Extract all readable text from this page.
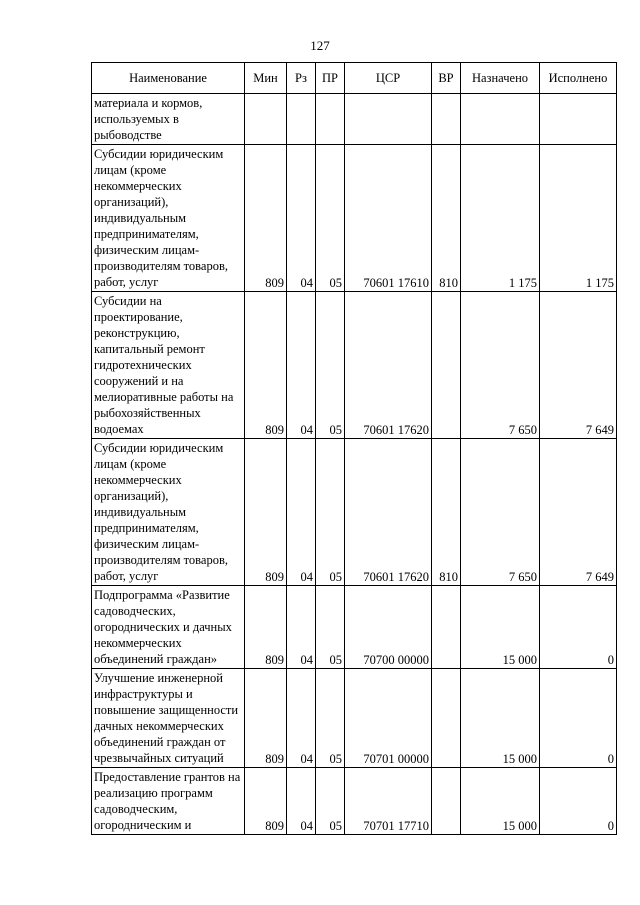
127
Наименование	Мин	Рз	ПР	ЦСР	ВР	Назначено	Исполнено
материала и кормов, используемых в рыбоводстве							
Субсидии юридическим лицам (кроме некоммерческих организаций), индивидуальным предпринимателям, физическим лицам-производителям товаров, работ, услуг	809	04	05	70601 17610	810	1 175	1 175
Субсидии на проектирование, реконструкцию, капитальный ремонт гидротехнических сооружений и на мелиоративные работы на рыбохозяйственных водоемах	809	04	05	70601 17620		7 650	7 649
Субсидии юридическим лицам (кроме некоммерческих организаций), индивидуальным предпринимателям, физическим лицам-производителям товаров, работ, услуг	809	04	05	70601 17620	810	7 650	7 649
Подпрограмма «Развитие садоводческих, огороднических и дачных некоммерческих объединений граждан»	809	04	05	70700 00000		15 000	0
Улучшение инженерной инфраструктуры и повышение защищенности дачных некоммерческих объединений граждан от чрезвычайных ситуаций	809	04	05	70701 00000		15 000	0
Предоставление грантов на реализацию программ садоводческим, огородническим и	809	04	05	70701 17710		15 000	0
